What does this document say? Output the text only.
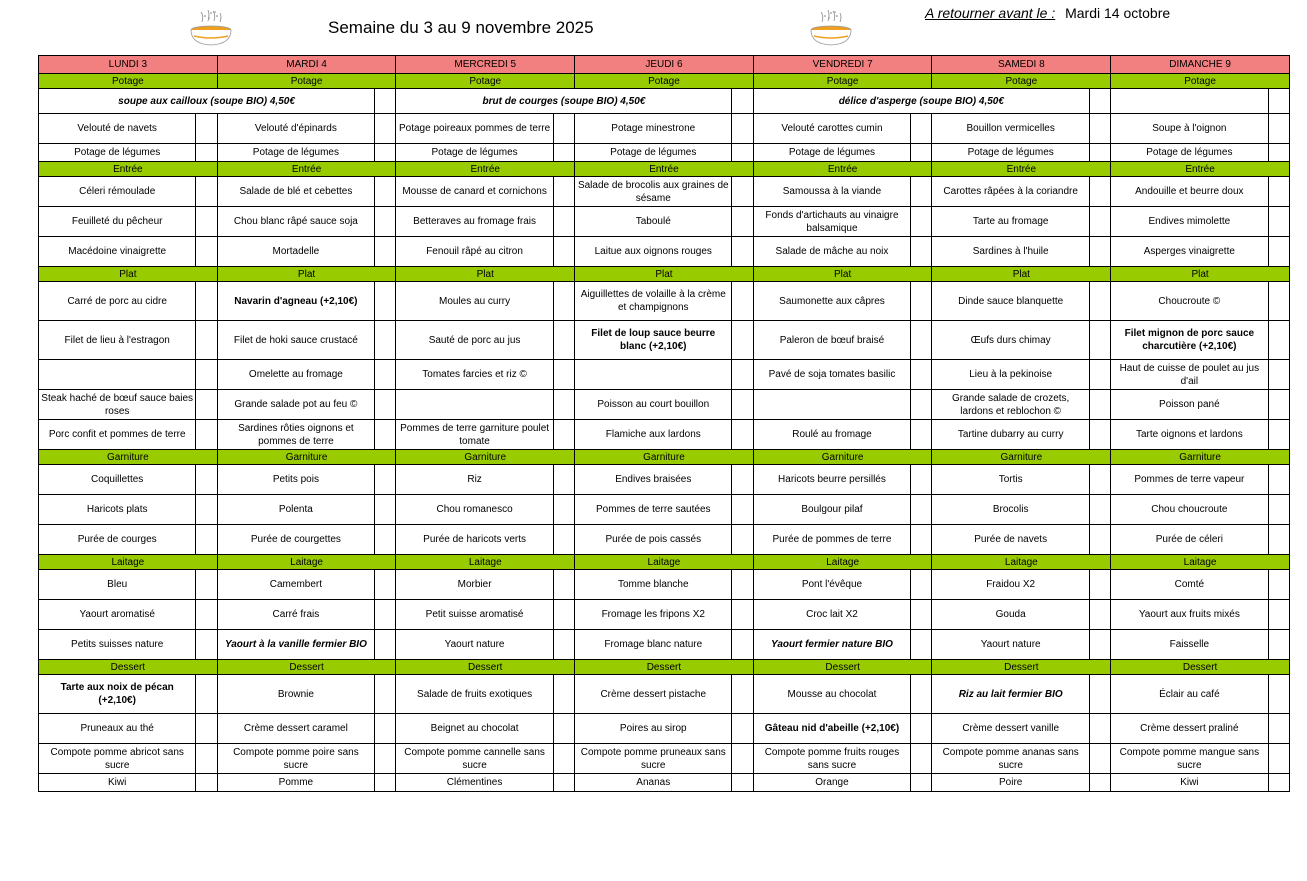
Semaine du 3 au 9 novembre 2025
A retourner avant le : Mardi 14 octobre
LUNDI 3		MARDI 4		MERCREDI 5		JEUDI 6		VENDREDI 7		SAMEDI 8		DIMANCHE 9	
Potage		Potage		Potage		Potage		Potage		Potage		Potage	
soupe aux cailloux (soupe BIO) 4,50€				brut de courges (soupe BIO) 4,50€				délice d'asperge (soupe BIO) 4,50€					
Velouté de navets		Velouté d'épinards		Potage poireaux pommes de terre		Potage minestrone		Velouté carottes cumin		Bouillon vermicelles		Soupe à l'oignon	
Potage de légumes		Potage de légumes		Potage de légumes		Potage de légumes		Potage de légumes		Potage de légumes		Potage de légumes	
Entrée		Entrée		Entrée		Entrée		Entrée		Entrée		Entrée	
Céleri rémoulade		Salade de blé et cebettes		Mousse de canard et cornichons		Salade de brocolis aux graines de sésame		Samoussa à la viande		Carottes râpées à la coriandre		Andouille et beurre doux	
Feuilleté du pêcheur		Chou blanc râpé sauce soja		Betteraves au fromage frais		Taboulé		Fonds d'artichauts au vinaigre balsamique		Tarte au fromage		Endives mimolette	
Macédoine vinaigrette		Mortadelle		Fenouil râpé au citron		Laitue aux oignons rouges		Salade de mâche au noix		Sardines à l'huile		Asperges vinaigrette	
Plat		Plat		Plat		Plat		Plat		Plat		Plat	
Carré de porc au cidre		Navarin d'agneau (+2,10€)		Moules au curry		Aiguillettes de volaille à la crème et champignons		Saumonette aux câpres		Dinde sauce blanquette		Choucroute ©	
Filet de lieu à l'estragon		Filet de hoki sauce crustacé		Sauté de porc au jus		Filet de loup sauce beurre blanc (+2,10€)		Paleron de bœuf braisé		Œufs durs chimay		Filet mignon de porc sauce charcutière (+2,10€)	
		Omelette au fromage		Tomates farcies et riz ©				Pavé de soja tomates basilic		Lieu à la pekinoise		Haut de cuisse de poulet au jus d'ail	
Steak haché de bœuf sauce baies roses		Grande salade pot au feu ©				Poisson au court bouillon				Grande salade de crozets, lardons et reblochon ©		Poisson pané	
Porc confit et pommes de terre		Sardines rôties oignons et pommes de terre		Pommes de terre garniture poulet tomate		Flamiche aux lardons		Roulé au fromage		Tartine dubarry au curry		Tarte oignons et lardons	
Garniture		Garniture		Garniture		Garniture		Garniture		Garniture		Garniture	
Coquillettes		Petits pois		Riz		Endives braisées		Haricots beurre persillés		Tortis		Pommes de terre vapeur	
Haricots plats		Polenta		Chou romanesco		Pommes de terre sautées		Boulgour pilaf		Brocolis		Chou choucroute	
Purée de courges		Purée de courgettes		Purée de haricots verts		Purée de pois cassés		Purée de pommes de terre		Purée de navets		Purée de céleri	
Laitage		Laitage		Laitage		Laitage		Laitage		Laitage		Laitage	
Bleu		Camembert		Morbier		Tomme blanche		Pont l'évêque		Fraidou X2		Comté	
Yaourt aromatisé		Carré frais		Petit suisse aromatisé		Fromage les fripons X2		Croc lait X2		Gouda		Yaourt aux fruits mixés	
Petits suisses nature		Yaourt à la vanille fermier BIO		Yaourt nature		Fromage blanc nature		Yaourt fermier nature BIO		Yaourt nature		Faisselle	
Dessert		Dessert		Dessert		Dessert		Dessert		Dessert		Dessert	
Tarte aux noix de pécan (+2,10€)		Brownie		Salade de fruits exotiques		Crème dessert pistache		Mousse au chocolat		Riz au lait fermier BIO		Éclair au café	
Pruneaux au thé		Crème dessert caramel		Beignet au chocolat		Poires au sirop		Gâteau nid d'abeille (+2,10€)		Crème dessert vanille		Crème dessert praliné	
Compote pomme abricot sans sucre		Compote pomme poire sans sucre		Compote pomme cannelle sans sucre		Compote pomme pruneaux sans sucre		Compote pomme fruits rouges sans sucre		Compote pomme ananas sans sucre		Compote pomme mangue sans sucre	
Kiwi		Pomme		Clémentines		Ananas		Orange		Poire		Kiwi	
